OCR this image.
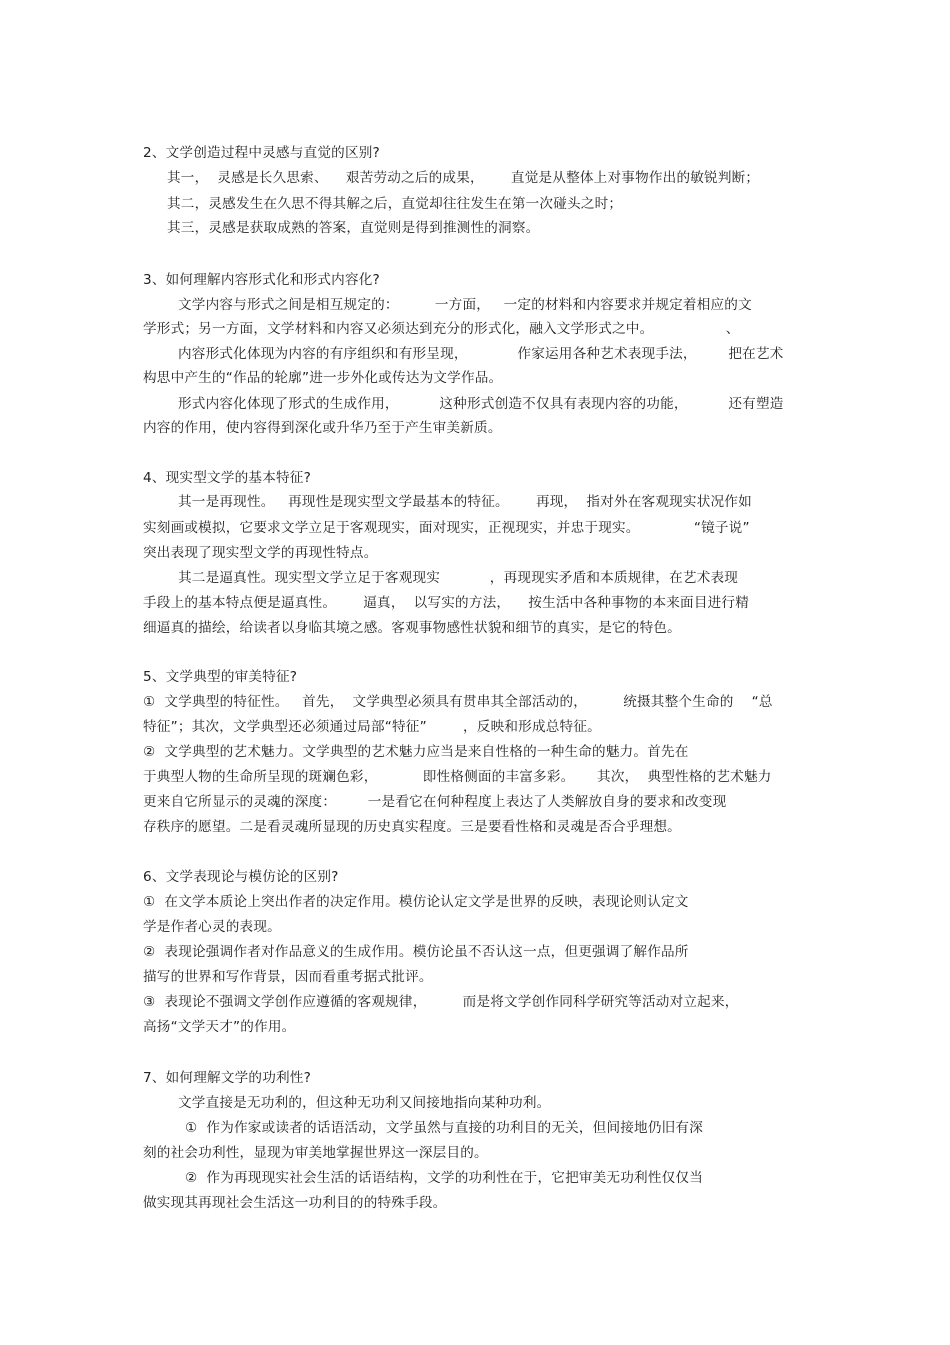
2、文学创造过程中灵感与直觉的区别?
其一，  灵感是长久思索、    艰苦劳动之后的成果，      直觉是从整体上对事物作出的敏锐判断；
其二，灵感发生在久思不得其解之后，直觉却往往发生在第一次碰头之时；
其三，灵感是获取成熟的答案，直觉则是得到推测性的洞察。
3、如何理解内容形式化和形式内容化?
文学内容与形式之间是相互规定的：        一方面，   一定的材料和内容要求并规定着相应的文
学形式；另一方面，文学材料和内容又必须达到充分的形式化，融入文学形式之中。                、
内容形式化体现为内容的有序组织和有形呈现，           作家运用各种艺术表现手法，       把在艺术
构思中产生的“作品的轮廓”进一步外化或传达为文学作品。
形式内容化体现了形式的生成作用，         这种形式创造不仅具有表现内容的功能，         还有塑造
内容的作用，使内容得到深化或升华乃至于产生审美新质。
4、现实型文学的基本特征?
其一是再现性。   再现性是现实型文学最基本的特征。      再现，  指对外在客观现实状况作如
实刻画或模拟，它要求文学立足于客观现实，面对现实，正视现实，并忠于现实。            “镜子说”
突出表现了现实型文学的再现性特点。
其二是逼真性。现实型文学立足于客观现实           ，再现现实矛盾和本质规律，在艺术表现
手段上的基本特点便是逼真性。      逼真，  以写实的方法，    按生活中各种事物的本来面目进行精
细逼真的描绘，给读者以身临其境之感。客观事物感性状貌和细节的真实，是它的特色。
5、文学典型的审美特征?
①  文学典型的特征性。   首先，  文学典型必须具有贯串其全部活动的，        统摄其整个生命的    “总
特征”；其次，文学典型还必须通过局部“特征”        ，反映和形成总特征。
②  文学典型的艺术魅力。文学典型的艺术魅力应当是来自性格的一种生命的魅力。首先在
于典型人物的生命所呈现的斑斓色彩，          即性格侧面的丰富多彩。     其次，  典型性格的艺术魅力
更来自它所显示的灵魂的深度：       一是看它在何种程度上表达了人类解放自身的要求和改变现
存秩序的愿望。二是看灵魂所显现的历史真实程度。三是要看性格和灵魂是否合乎理想。
6、文学表现论与模仿论的区别?
①  在文学本质论上突出作者的决定作用。模仿论认定文学是世界的反映，表现论则认定文
学是作者心灵的表现。
②  表现论强调作者对作品意义的生成作用。模仿论虽不否认这一点，但更强调了解作品所
描写的世界和写作背景，因而看重考据式批评。
③  表现论不强调文学创作应遵循的客观规律，        而是将文学创作同科学研究等活动对立起来，
高扬“文学天才”的作用。
7、如何理解文学的功利性?
文学直接是无功利的，但这种无功利又间接地指向某种功利。
①  作为作家或读者的话语活动，文学虽然与直接的功利目的无关，但间接地仍旧有深
刻的社会功利性，显现为审美地掌握世界这一深层目的。
②  作为再现现实社会生活的话语结构，文学的功利性在于，它把审美无功利性仅仅当
做实现其再现社会生活这一功利目的的特殊手段。
